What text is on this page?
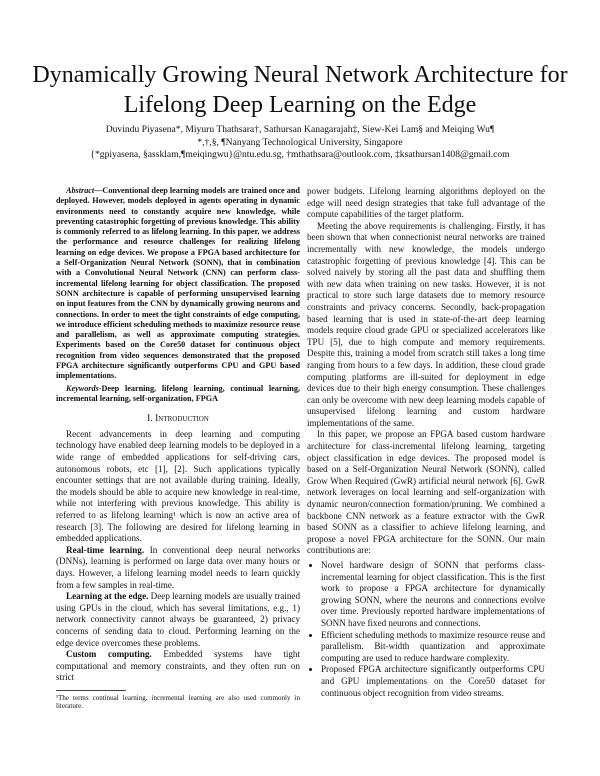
Dynamically Growing Neural Network Architecture for Lifelong Deep Learning on the Edge
Duvindu Piyasena*, Miyuru Thathsara†, Sathursan Kanagarajah‡, Siew-Kei Lam§ and Meiqing Wu¶
*,†,§, ¶Nanyang Technological University, Singapore
{*gpiyasena, §assklam,¶meiqingwu}@ntu.edu.sg, †mthathsara@outlook.com, ‡ksathursan1408@gmail.com

Abstract—Conventional deep learning models are trained once and deployed. However, models deployed in agents operating in dynamic environments need to constantly acquire new knowledge, while preventing catastrophic forgetting of previous knowledge. This ability is commonly referred to as lifelong learning. In this paper, we address the performance and resource challenges for realizing lifelong learning on edge devices. We propose a FPGA based architecture for a Self-Organization Neural Network (SONN), that in combination with a Convolutional Neural Network (CNN) can perform class-incremental lifelong learning for object classification. The proposed SONN architecture is capable of performing unsupervised learning on input features from the CNN by dynamically growing neurons and connections. In order to meet the tight constraints of edge computing, we introduce efficient scheduling methods to maximize resource reuse and parallelism, as well as approximate computing strategies. Experiments based on the Core50 dataset for continuous object recognition from video sequences demonstrated that the proposed FPGA architecture significantly outperforms CPU and GPU based implementations.

Keywords-Deep learning, lifelong learning, continual learning, incremental learning, self-organization, FPGA

I. Introduction

Recent advancements in deep learning and computing technology have enabled deep learning models to be deployed in a wide range of embedded applications for self-driving cars, autonomous robots, etc [1], [2]. Such applications typically encounter settings that are not available during training. Ideally, the models should be able to acquire new knowledge in real-time, while not interfering with previous knowledge. This ability is referred to as lifelong learning¹ which is now an active area of research [3]. The following are desired for lifelong learning in embedded applications.

Real-time learning. In conventional deep neural networks (DNNs), learning is performed on large data over many hours or days. However, a lifelong learning model needs to learn quickly from a few samples in real-time.

Learning at the edge. Deep learning models are usually trained using GPUs in the cloud, which has several limitations, e.g., 1) network connectivity cannot always be guaranteed, 2) privacy concerns of sending data to cloud. Performing learning on the edge device overcomes these problems.

Custom computing. Embedded systems have tight computational and memory constraints, and they often run on strict

¹The terms continual learning, incremental learning are also used commonly in literature.

power budgets. Lifelong learning algorithms deployed on the edge will need design strategies that take full advantage of the compute capabilities of the target platform.

Meeting the above requirements is challenging. Firstly, it has been shown that when connectionist neural networks are trained incrementally with new knowledge, the models undergo catastrophic forgetting of previous knowledge [4]. This can be solved naively by storing all the past data and shuffling them with new data when training on new tasks. However, it is not practical to store such large datasets due to memory resource constraints and privacy concerns. Secondly, back-propagation based learning that is used in state-of-the-art deep learning models require cloud grade GPU or specialized accelerators like TPU [5], due to high compute and memory requirements. Despite this, training a model from scratch still takes a long time ranging from hours to a few days. In addition, these cloud grade computing platforms are ill-suited for deployment in edge devices due to their high energy consumption. These challenges can only be overcome with new deep learning models capable of unsupervised lifelong learning and custom hardware implementations of the same.

In this paper, we propose an FPGA based custom hardware architecture for class-incremental lifelong learning, targeting object classification in edge devices. The proposed model is based on a Self-Organization Neural Network (SONN), called Grow When Required (GwR) artificial neural network [6]. GwR network leverages on local learning and self-organization with dynamic neuron/connection formation/pruning. We combined a backbone CNN network as a feature extractor with the GwR based SONN as a classifier to achieve lifelong learning, and propose a novel FPGA architecture for the SONN. Our main contributions are:

• Novel hardware design of SONN that performs class-incremental learning for object classification. This is the first work to propose a FPGA architecture for dynamically growing SONN, where the neurons and connections evolve over time. Previously reported hardware implementations of SONN have fixed neurons and connections.
• Efficient scheduling methods to maximize resource reuse and parallelism. Bit-width quantization and approximate computing are used to reduce hardware complexity.
• Proposed FPGA architecture significantly outperforms CPU and GPU implementations on the Core50 dataset for continuous object recognition from video streams.
